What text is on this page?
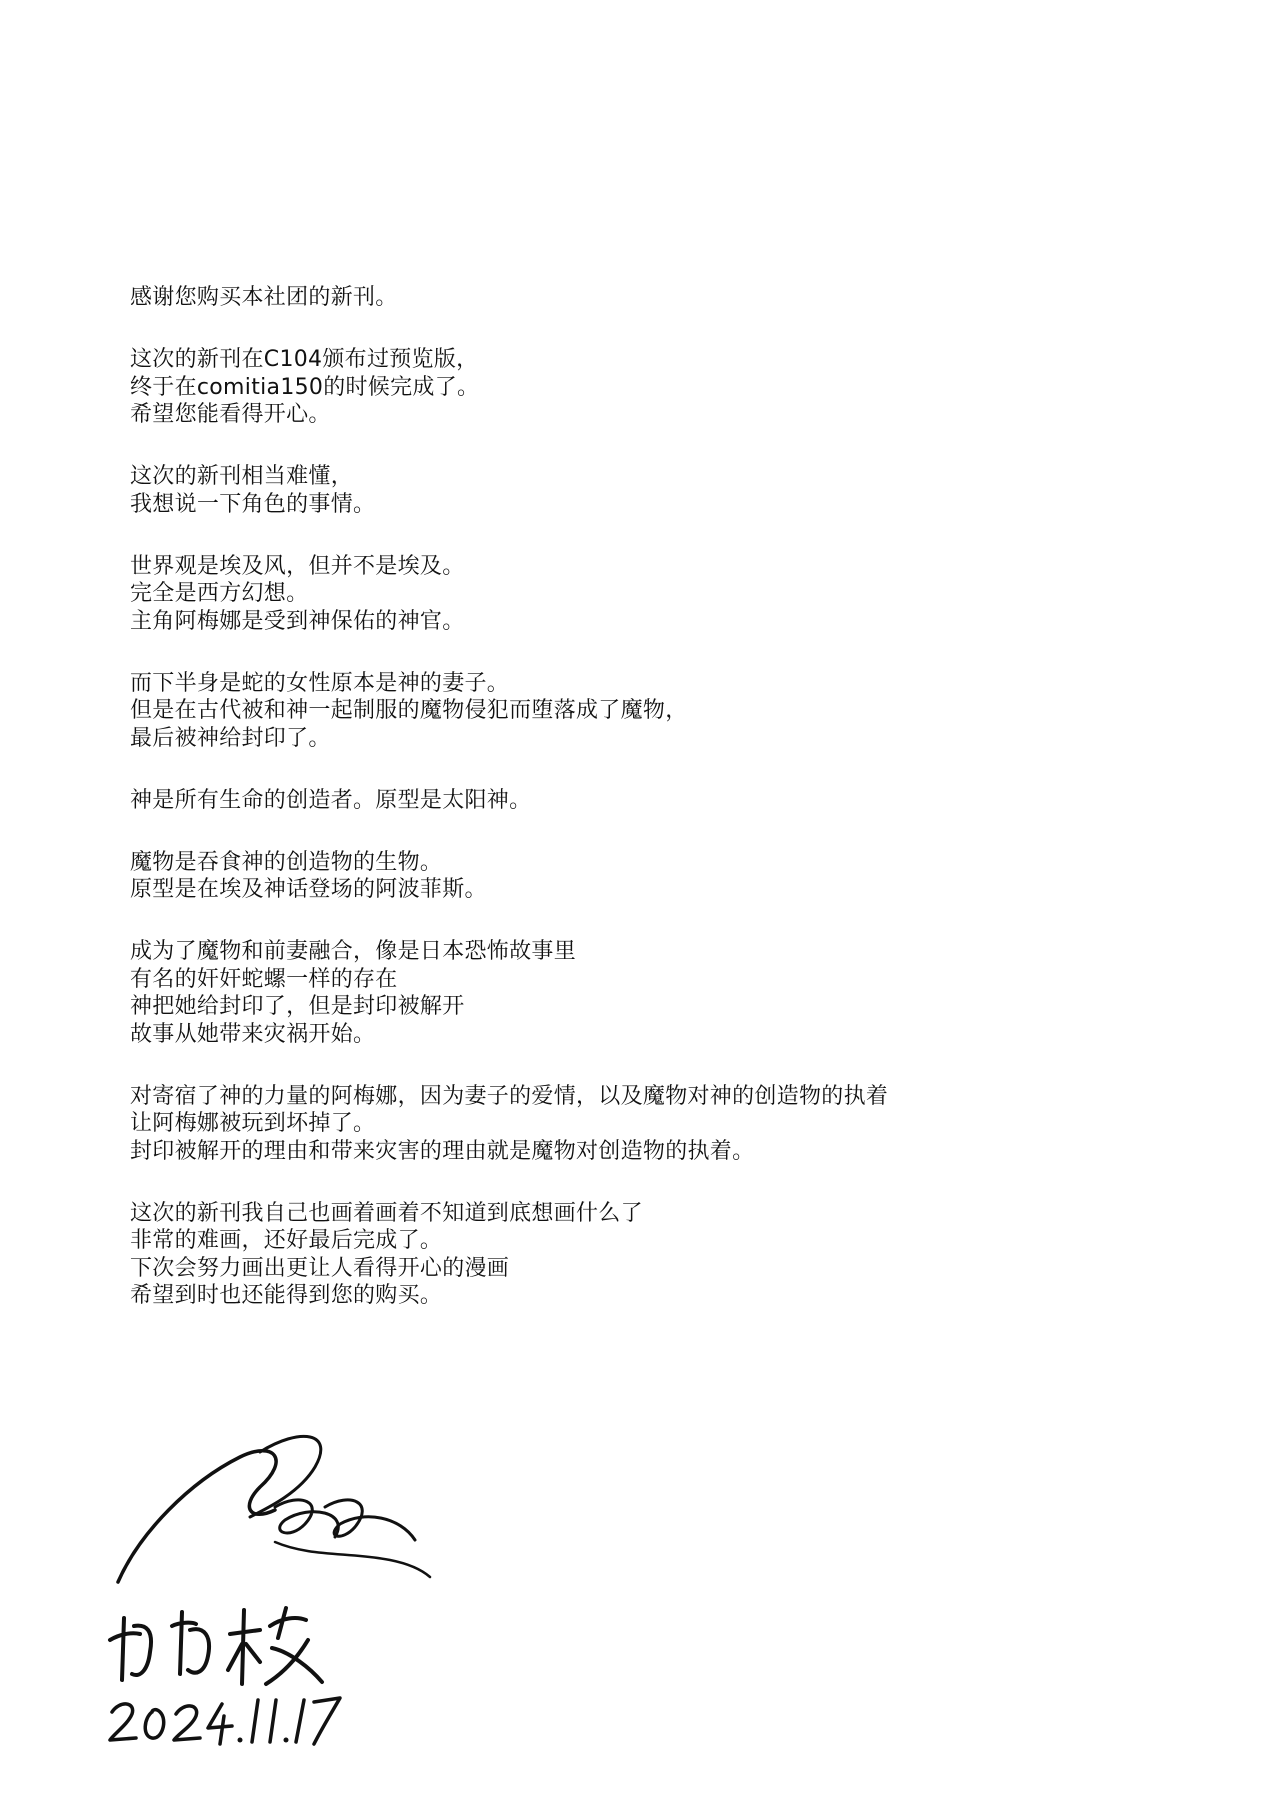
感谢您购买本社团的新刊。
这次的新刊在C104颁布过预览版，
终于在comitia150的时候完成了。
希望您能看得开心。
这次的新刊相当难懂，
我想说一下角色的事情。
世界观是埃及风，但并不是埃及。
完全是西方幻想。
主角阿梅娜是受到神保佑的神官。
而下半身是蛇的女性原本是神的妻子。
但是在古代被和神一起制服的魔物侵犯而堕落成了魔物，
最后被神给封印了。
神是所有生命的创造者。原型是太阳神。
魔物是吞食神的创造物的生物。
原型是在埃及神话登场的阿波菲斯。
成为了魔物和前妻融合，像是日本恐怖故事里
有名的奸奸蛇螺一样的存在
神把她给封印了，但是封印被解开
故事从她带来灾祸开始。
对寄宿了神的力量的阿梅娜，因为妻子的爱情，以及魔物对神的创造物的执着
让阿梅娜被玩到坏掉了。
封印被解开的理由和带来灾害的理由就是魔物对创造物的执着。
这次的新刊我自己也画着画着不知道到底想画什么了
非常的难画，还好最后完成了。
下次会努力画出更让人看得开心的漫画
希望到时也还能得到您的购买。
